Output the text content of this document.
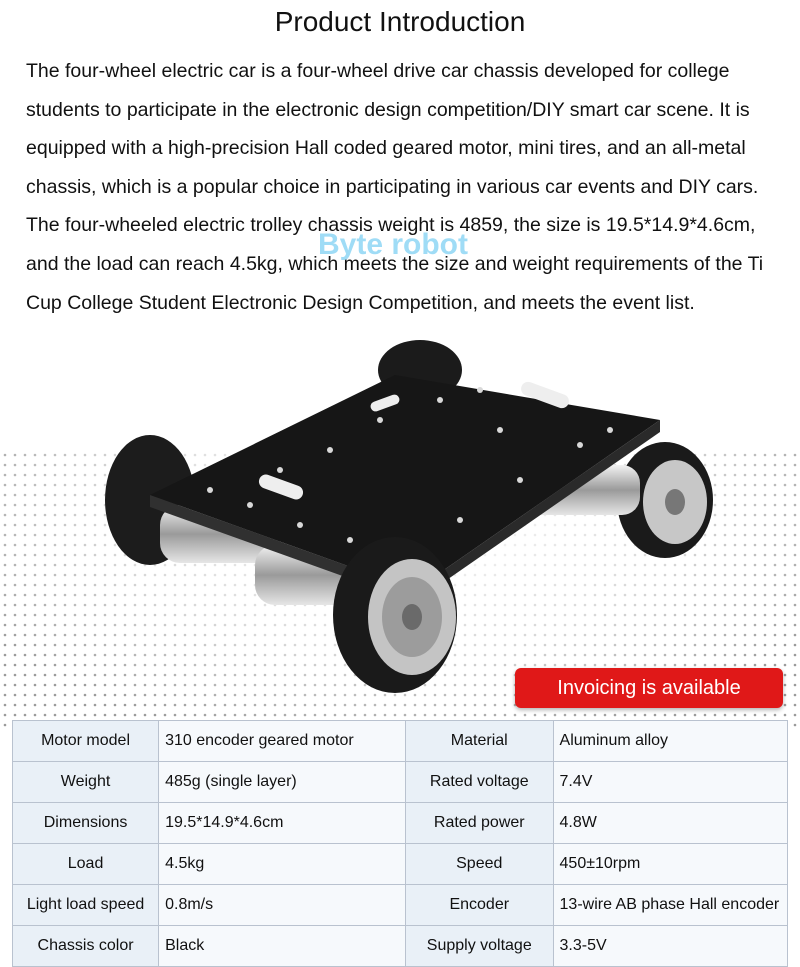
Product Introduction

The four-wheel electric car is a four-wheel drive car chassis developed for college students to participate in the electronic design competition/DIY smart car scene. It is equipped with a high-precision Hall coded geared motor, mini tires, and an all-metal chassis, which is a popular choice in participating in various car events and DIY cars. The four-wheeled electric trolley chassis weight is 4859, the size is 19.5*14.9*4.6cm, and the load can reach 4.5kg, which meets the size and weight requirements of the Ti Cup College Student Electronic Design Competition, and meets the event list.

Byte robot
Invoicing is available
Motor model	310 encoder geared motor	Material	Aluminum alloy
Weight	485g (single layer)	Rated voltage	7.4V
Dimensions	19.5*14.9*4.6cm	Rated power	4.8W
Load	4.5kg	Speed	450±10rpm
Light load speed	0.8m/s	Encoder	13-wire AB phase Hall encoder
Chassis color	Black	Supply voltage	3.3-5V
